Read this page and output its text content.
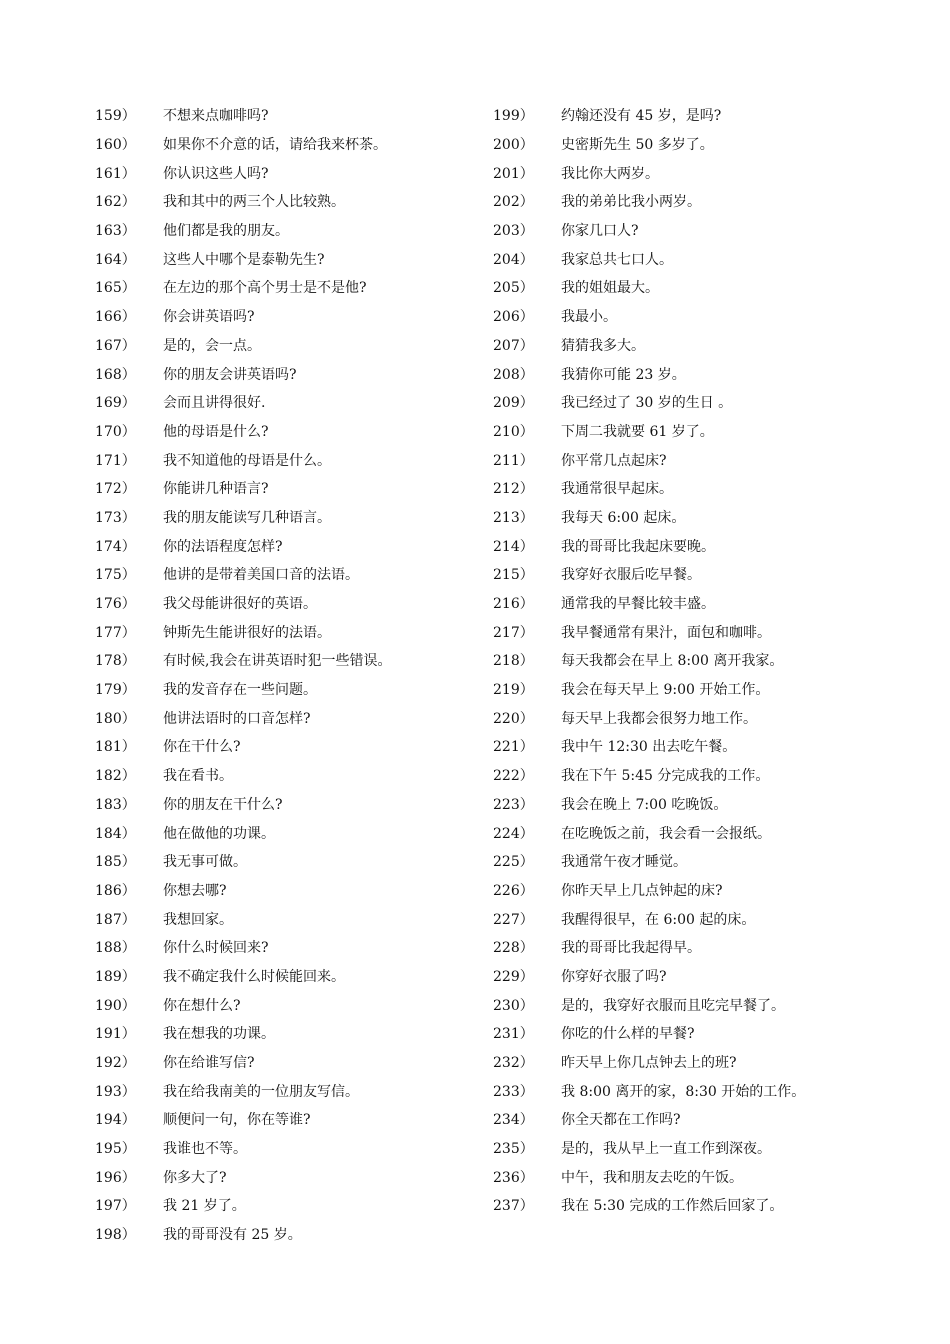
159）	不想来点咖啡吗?
160）	如果你不介意的话，请给我来杯茶。
161）	你认识这些人吗?
162）	我和其中的两三个人比较熟。
163）	他们都是我的朋友。
164）	这些人中哪个是泰勒先生?
165）	在左边的那个高个男士是不是他?
166）	你会讲英语吗?
167）	是的，会一点。
168）	你的朋友会讲英语吗?
169）	会而且讲得很好.
170）	他的母语是什么?
171）	我不知道他的母语是什么。
172）	你能讲几种语言?
173）	我的朋友能读写几种语言。
174）	你的法语程度怎样?
175）	他讲的是带着美国口音的法语。
176）	我父母能讲很好的英语。
177）	钟斯先生能讲很好的法语。
178）	有时候,我会在讲英语时犯一些错误。
179）	我的发音存在一些问题。
180）	他讲法语时的口音怎样?
181）	你在干什么?
182）	我在看书。
183）	你的朋友在干什么?
184）	他在做他的功课。
185）	我无事可做。
186）	你想去哪?
187）	我想回家。
188）	你什么时候回来?
189）	我不确定我什么时候能回来。
190）	你在想什么?
191）	我在想我的功课。
192）	你在给谁写信?
193）	我在给我南美的一位朋友写信。
194）	顺便问一句，你在等谁?
195）	我谁也不等。
196）	你多大了?
197）	我 21 岁了。
198）	我的哥哥没有 25 岁。
199）	约翰还没有 45 岁，是吗?
200）	史密斯先生 50 多岁了。
201）	我比你大两岁。
202）	我的弟弟比我小两岁。
203）	你家几口人?
204）	我家总共七口人。
205）	我的姐姐最大。
206）	我最小。
207）	猜猜我多大。
208）	我猜你可能 23 岁。
209）	我已经过了 30 岁的生日 。
210）	下周二我就要 61 岁了。
211）	你平常几点起床?
212）	我通常很早起床。
213）	我每天 6:00 起床。
214）	我的哥哥比我起床要晚。
215）	我穿好衣服后吃早餐。
216）	通常我的早餐比较丰盛。
217）	我早餐通常有果汁，面包和咖啡。
218）	每天我都会在早上 8:00 离开我家。
219）	我会在每天早上 9:00 开始工作。
220）	每天早上我都会很努力地工作。
221）	我中午 12:30 出去吃午餐。
222）	我在下午 5:45 分完成我的工作。
223）	我会在晚上 7:00 吃晚饭。
224）	在吃晚饭之前，我会看一会报纸。
225）	我通常午夜才睡觉。
226）	你昨天早上几点钟起的床?
227）	我醒得很早，在 6:00 起的床。
228）	我的哥哥比我起得早。
229）	你穿好衣服了吗?
230）	是的，我穿好衣服而且吃完早餐了。
231）	你吃的什么样的早餐?
232）	昨天早上你几点钟去上的班?
233）	我 8:00 离开的家，8:30 开始的工作。
234）	你全天都在工作吗?
235）	是的，我从早上一直工作到深夜。
236）	中午，我和朋友去吃的午饭。
237）	我在 5:30 完成的工作然后回家了。
